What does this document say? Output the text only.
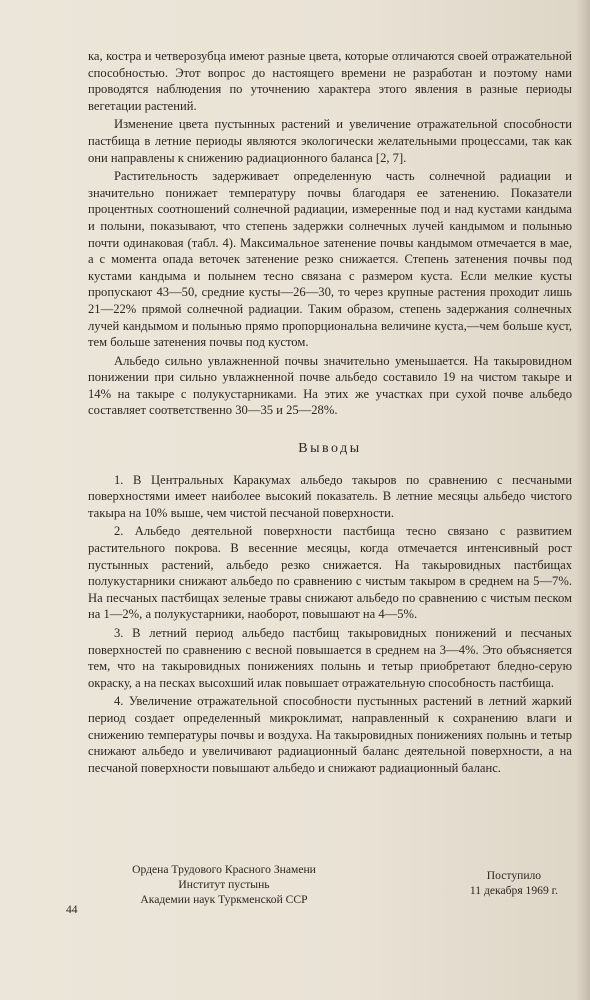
ка, костра и четверозубца имеют разные цвета, которые отличаются своей отражательной способностью. Этот вопрос до настоящего времени не разработан и поэтому нами проводятся наблюдения по уточнению характера этого явления в разные периоды вегетации растений.

Изменение цвета пустынных растений и увеличение отражательной способности пастбища в летние периоды являются экологически желательными процессами, так как они направлены к снижению радиационного баланса [2, 7].

Растительность задерживает определенную часть солнечной радиации и значительно понижает температуру почвы благодаря ее затенению. Показатели процентных соотношений солнечной радиации, измеренные под и над кустами кандыма и полыни, показывают, что степень задержки солнечных лучей кандымом и полынью почти одинаковая (табл. 4). Максимальное затенение почвы кандымом отмечается в мае, а с момента опада веточек затенение резко снижается. Степень затенения почвы под кустами кандыма и полынем тесно связана с размером куста. Если мелкие кусты пропускают 43—50, средние кусты—26—30, то через крупные растения проходит лишь 21—22% прямой солнечной радиации. Таким образом, степень задержания солнечных лучей кандымом и полынью прямо пропорциональна величине куста,—чем больше куст, тем больше затенения почвы под кустом.

Альбедо сильно увлажненной почвы значительно уменьшается. На такыровидном понижении при сильно увлажненной почве альбедо составило 19 на чистом такыре и 14% на такыре с полукустарниками. На этих же участках при сухой почве альбедо составляет соответственно 30—35 и 25—28%.

Выводы

1. В Центральных Каракумах альбедо такыров по сравнению с песчаными поверхностями имеет наиболее высокий показатель. В летние месяцы альбедо чистого такыра на 10% выше, чем чистой песчаной поверхности.

2. Альбедо деятельной поверхности пастбища тесно связано с развитием растительного покрова. В весенние месяцы, когда отмечается интенсивный рост пустынных растений, альбедо резко снижается. На такыровидных пастбищах полукустарники снижают альбедо по сравнению с чистым такыром в среднем на 5—7%. На песчаных пастбищах зеленые травы снижают альбедо по сравнению с чистым песком на 1—2%, а полукустарники, наоборот, повышают на 4—5%.

3. В летний период альбедо пастбищ такыровидных понижений и песчаных поверхностей по сравнению с весной повышается в среднем на 3—4%. Это объясняется тем, что на такыровидных понижениях полынь и тетыр приобретают бледно-серую окраску, а на песках высохший илак повышает отражательную способность пастбища.

4. Увеличение отражательной способности пустынных растений в летний жаркий период создает определенный микроклимат, направленный к сохранению влаги и снижению температуры почвы и воздуха. На такыровидных понижениях полынь и тетыр снижают альбедо и увеличивают радиационный баланс деятельной поверхности, а на песчаной поверхности повышают альбедо и снижают радиационный баланс.

Ордена Трудового Красного Знамени
Институт пустынь
Академии наук Туркменской ССР
Поступило
11 декабря 1969 г.
44
